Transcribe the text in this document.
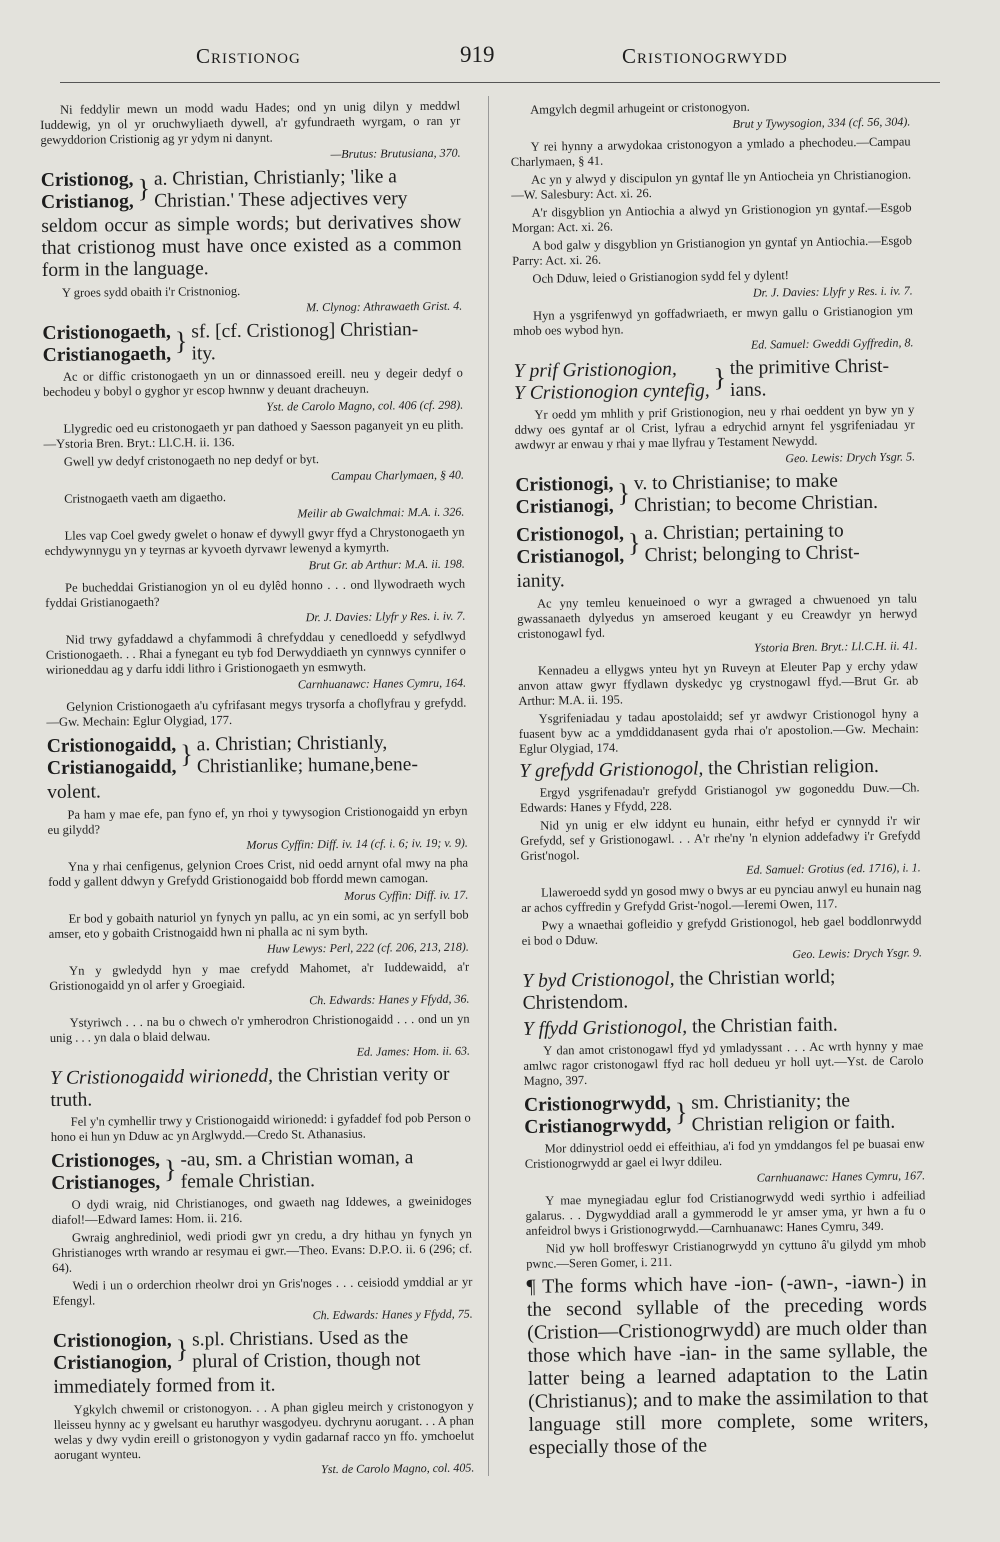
Cristionog	919	Cristionogrwydd

Ni feddylir mewn un modd wadu Hades; ond yn unig dilyn y meddwl Iuddewig, yn ol yr oruchwyliaeth dywell, a'r gyfundraeth wyrgam, o ran yr gewyddorion Cristionig ag yr ydym ni danynt.

—Brutus: Brutusiana, 370.

Cristionog,
Cristianog, } a. Christian, Christianly; 'like a
Christian.' These adjectives very

seldom occur as simple words; but derivatives show that cristionog must have once existed as a common form in the language.

Y groes sydd obaith i'r Cristnoniog.

M. Clynog: Athrawaeth Grist. 4.

Cristionogaeth,
Cristianogaeth, } sf. [cf. Cristionog] Christian-
ity.

Ac or diffic cristonogaeth yn un or dinnassoed ereill. neu y degeir dedyf o bechodeu y bobyl o gyghor yr escop hwnnw y deuant dracheuyn.

Yst. de Carolo Magno, col. 406 (cf. 298).

Llygredic oed eu cristonogaeth yr pan dathoed y Saesson paganyeit yn eu plith.—Ystoria Bren. Bryt.: Ll.C.H. ii. 136.

Gwell yw dedyf cristonogaeth no nep dedyf or byt.

Campau Charlymaen, § 40.

Cristnogaeth vaeth am digaetho.

Meilir ab Gwalchmai: M.A. i. 326.

Lles vap Coel gwedy gwelet o honaw ef dywyll gwyr ffyd a Chrystonogaeth yn echdywynnygu yn y teyrnas ar kyvoeth dyrvawr lewenyd a kymyrth.

Brut Gr. ab Arthur: M.A. ii. 198.

Pe bucheddai Gristianogion yn ol eu dylêd honno . . . ond llywodraeth wych fyddai Gristianogaeth?

Dr. J. Davies: Llyfr y Res. i. iv. 7.

Nid trwy gyfaddawd a chyfammodi â chrefyddau y cenedloedd y sefydlwyd Cristionogaeth. . . Rhai a fynegant eu tyb fod Derwyddiaeth yn cynnwys cynnifer o wirioneddau ag y darfu iddi lithro i Gristionogaeth yn esmwyth.

Carnhuanawc: Hanes Cymru, 164.

Gelynion Cristionogaeth a'u cyfrifasant megys trysorfa a choflyfrau y grefydd.—Gw. Mechain: Eglur Olygiad, 177.

Cristionogaidd,
Cristianogaidd, } a. Christian; Christianly,
Christianlike; humane,bene-

volent.

Pa ham y mae efe, pan fyno ef, yn rhoi y tywysogion Cristionogaidd yn erbyn eu gilydd?

Morus Cyffin: Diff. iv. 14 (cf. i. 6; iv. 19; v. 9).

Yna y rhai cenfigenus, gelynion Croes Crist, nid oedd arnynt ofal mwy na pha fodd y gallent ddwyn y Grefydd Gristionogaidd bob ffordd mewn camogan.

Morus Cyffin: Diff. iv. 17.

Er bod y gobaith naturiol yn fynych yn pallu, ac yn ein somi, ac yn serfyll bob amser, eto y gobaith Cristnogaidd hwn ni phalla ac ni sym byth.

Huw Lewys: Perl, 222 (cf. 206, 213, 218).

Yn y gwledydd hyn y mae crefydd Mahomet, a'r Iuddewaidd, a'r Gristionogaidd yn ol arfer y Groegiaid.

Ch. Edwards: Hanes y Ffydd, 36.

Ystyriwch . . . na bu o chwech o'r ymherodron Christionogaidd . . . ond un yn unig . . . yn dala o blaid delwau.

Ed. James: Hom. ii. 63.

Y Cristionogaidd wirionedd, the Christian verity or truth.

Fel y'n cymhellir trwy y Cristionogaidd wirionedd: i gyfaddef fod pob Person o hono ei hun yn Dduw ac yn Arglwydd.—Credo St. Athanasius.

Cristionoges,
Cristianoges, } -au, sm. a Christian woman, a
female Christian.

O dydi wraig, nid Christianoges, ond gwaeth nag Iddewes, a gweinidoges diafol!—Edward Iames: Hom. ii. 216.

Gwraig anghrediniol, wedi priodi gwr yn credu, a dry hithau yn fynych yn Ghristianoges wrth wrando ar resymau ei gwr.—Theo. Evans: D.P.O. ii. 6 (296; cf. 64).

Wedi i un o orderchion rheolwr droi yn Gris'noges . . . ceisiodd ymddial ar yr Efengyl.

Ch. Edwards: Hanes y Ffydd, 75.

Cristionogion,
Cristianogion, } s.pl. Christians. Used as the
plural of Cristion, though not

immediately formed from it.

Ygkylch chwemil or cristonogyon. . . A phan gigleu meirch y cristonogyon y lleisseu hynny ac y gwelsant eu haruthyr wasgodyeu. dychrynu aorugant. . . A phan welas y dwy vydin ereill o gristonogyon y vydin gadarnaf racco yn ffo. ymchoelut aorugant wynteu.

Yst. de Carolo Magno, col. 405.

Amgylch degmil arhugeint or cristonogyon.

Brut y Tywysogion, 334 (cf. 56, 304).

Y rei hynny a arwydokaa cristonogyon a ymlado a phechodeu.—Campau Charlymaen, § 41.

Ac yn y alwyd y discipulon yn gyntaf lle yn Antiocheia yn Christianogion.—W. Salesbury: Act. xi. 26.

A'r disgyblion yn Antiochia a alwyd yn Gristionogion yn gyntaf.—Esgob Morgan: Act. xi. 26.

A bod galw y disgyblion yn Gristianogion yn gyntaf yn Antiochia.—Esgob Parry: Act. xi. 26.

Och Dduw, leied o Gristianogion sydd fel y dylent!

Dr. J. Davies: Llyfr y Res. i. iv. 7.

Hyn a ysgrifenwyd yn goffadwriaeth, er mwyn gallu o Gristianogion ym mhob oes wybod hyn.

Ed. Samuel: Gweddi Gyffredin, 8.

Y prif Gristionogion,
Y Cristionogion cyntefig, } the primitive Christ-
ians.

Yr oedd ym mhlith y prif Gristionogion, neu y rhai oeddent yn byw yn y ddwy oes gyntaf ar ol Crist, lyfrau a edrychid arnynt fel ysgrifeniadau yr awdwyr ar enwau y rhai y mae llyfrau y Testament Newydd.

Geo. Lewis: Drych Ysgr. 5.

Cristionogi,
Cristianogi, } v. to Christianise; to make
Christian; to become Christian.
Cristionogol,
Cristianogol, } a. Christian; pertaining to
Christ; belonging to Christ-

ianity.

Ac yny temleu kenueinoed o wyr a gwraged a chwuenoed yn talu gwassanaeth dylyedus yn amseroed keugant y eu Creawdyr yn herwyd cristonogawl fyd.

Ystoria Bren. Bryt.: Ll.C.H. ii. 41.

Kennadeu a ellygws ynteu hyt yn Ruveyn at Eleuter Pap y erchy ydaw anvon attaw gwyr ffydlawn dyskedyc yg crystnogawl ffyd.—Brut Gr. ab Arthur: M.A. ii. 195.

Ysgrifeniadau y tadau apostolaidd; sef yr awdwyr Cristionogol hyny a fuasent byw ac a ymddiddanasent gyda rhai o'r apostolion.—Gw. Mechain: Eglur Olygiad, 174.

Y grefydd Gristionogol, the Christian religion.

Ergyd ysgrifenadau'r grefydd Gristianogol yw gogoneddu Duw.—Ch. Edwards: Hanes y Ffydd, 228.

Nid yn unig er elw iddynt eu hunain, eithr hefyd er cynnydd i'r wir Grefydd, sef y Gristionogawl. . . A'r rhe'ny 'n elynion addefadwy i'r Grefydd Grist'nogol.

Ed. Samuel: Grotius (ed. 1716), i. 1.

Llaweroedd sydd yn gosod mwy o bwys ar eu pynciau anwyl eu hunain nag ar achos cyffredin y Grefydd Grist-'nogol.—Ieremi Owen, 117.

Pwy a wnaethai gofleidio y grefydd Gristionogol, heb gael boddlonrwydd ei bod o Dduw.

Geo. Lewis: Drych Ysgr. 9.

Y byd Cristionogol, the Christian world; Christendom.

Y ffydd Gristionogol, the Christian faith.

Y dan amot cristonogawl ffyd yd ymladyssant . . . Ac wrth hynny y mae amlwc ragor cristonogawl ffyd rac holl dedueu yr holl uyt.—Yst. de Carolo Magno, 397.

Cristionogrwydd,
Cristianogrwydd, } sm. Christianity; the
Christian religion or faith.

Mor ddinystriol oedd ei effeithiau, a'i fod yn ymddangos fel pe buasai enw Cristionogrwydd ar gael ei lwyr ddileu.

Carnhuanawc: Hanes Cymru, 167.

Y mae mynegiadau eglur fod Cristianogrwydd wedi syrthio i adfeiliad galarus. . . Dygwyddiad arall a gymmerodd le yr amser yma, yr hwn a fu o anfeidrol bwys i Gristionogrwydd.—Carnhuanawc: Hanes Cymru, 349.

Nid yw holl broffeswyr Cristianogrwydd yn cyttuno â'u gilydd ym mhob pwnc.—Seren Gomer, i. 211.

¶ The forms which have -ion- (-awn-, -iawn-) in the second syllable of the preceding words (Cristion—Cristionogrwydd) are much older than those which have -ian- in the same syllable, the latter being a learned adaptation to the Latin (Christianus); and to make the assimilation to that language still more complete, some writers, especially those of the
